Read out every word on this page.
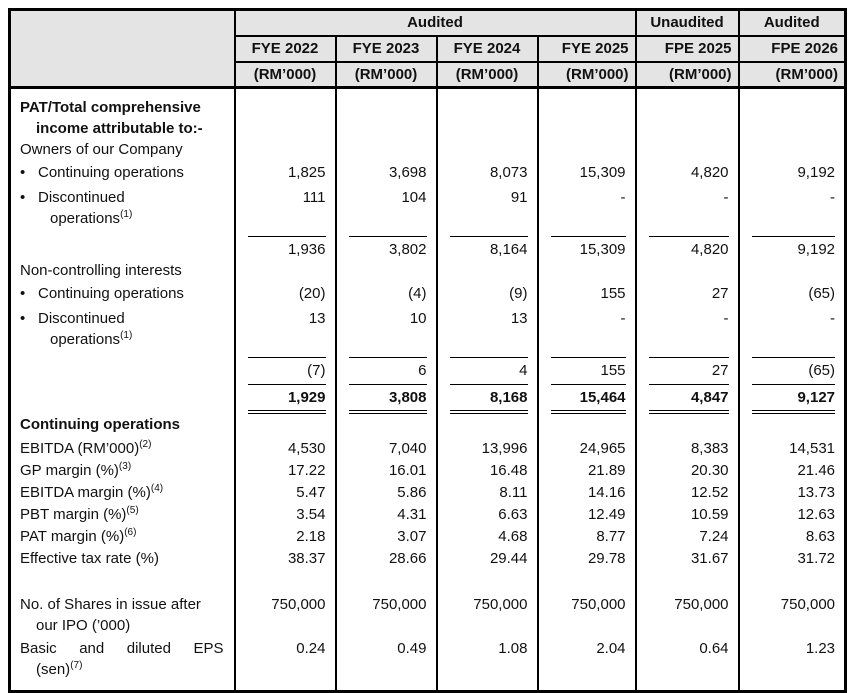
	Audited				Unaudited	Audited
	FYE 2022	FYE 2023	FYE 2024	FYE 2025	FPE 2025	FPE 2026
	(RM’000)	(RM’000)	(RM’000)	(RM’000)	(RM’000)	(RM’000)

PAT/Total comprehensive
income attributable to:-						

Owners of our Company						

• Continuing operations	1,825	3,698	8,073	15,309	4,820	9,192

• Discontinued
operations$^{(1)}$	111	104	91	-	-	-

	1,936	3,802	8,164	15,309	4,820	9,192

Non-controlling interests						

• Continuing operations	(20)	(4)	(9)	155	27	(65)

• Discontinued
operations$^{(1)}$	13	10	13	-	-	-

	(7)	6	4	155	27	(65)

	1,929	3,808	8,168	15,464	4,847	9,127

Continuing operations						

EBITDA (RM’000)$^{(2)}$	4,530	7,040	13,996	24,965	8,383	14,531

GP margin (%)$^{(3)}$	17.22	16.01	16.48	21.89	20.30	21.46

EBITDA margin (%)$^{(4)}$	5.47	5.86	8.11	14.16	12.52	13.73

PBT margin (%)$^{(5)}$	3.54	4.31	6.63	12.49	10.59	12.63

PAT margin (%)$^{(6)}$	2.18	3.07	4.68	8.77	7.24	8.63

Effective tax rate (%)	38.37	28.66	29.44	29.78	31.67	31.72

No. of Shares in issue after
our IPO (’000)	750,000	750,000	750,000	750,000	750,000	750,000

Basic and diluted EPS
(sen)$^{(7)}$	0.24	0.49	1.08	2.04	0.64	1.23
